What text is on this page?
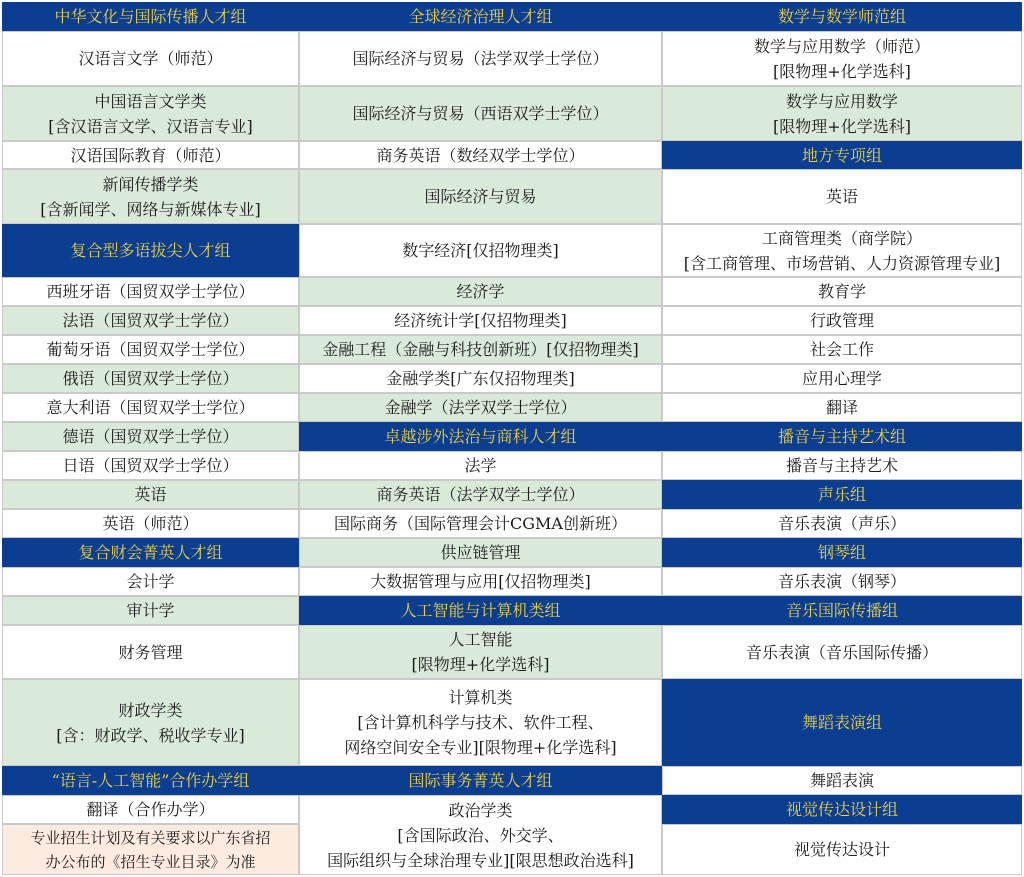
中华文化与国际传播人才组
汉语言文学（师范）
中国语言文学类
[含汉语言文学、汉语言专业]
汉语国际教育（师范）
新闻传播学类
[含新闻学、网络与新媒体专业]
复合型多语拔尖人才组
西班牙语（国贸双学士学位）
法语（国贸双学士学位）
葡萄牙语（国贸双学士学位）
俄语（国贸双学士学位）
意大利语（国贸双学士学位）
德语（国贸双学士学位）
日语（国贸双学士学位）
英语
英语（师范）
复合财会菁英人才组
会计学
审计学
财务管理
财政学类
[含：财政学、税收学专业]
“语言-人工智能”合作办学组
翻译（合作办学）
专业招生计划及有关要求以广东省招
办公布的《招生专业目录》为准
全球经济治理人才组
国际经济与贸易（法学双学士学位）
国际经济与贸易（西语双学士学位）
商务英语（数经双学士学位）
国际经济与贸易
数字经济[仅招物理类]
经济学
经济统计学[仅招物理类]
金融工程（金融与科技创新班）[仅招物理类]
金融学类[广东仅招物理类]
金融学（法学双学士学位）
卓越涉外法治与商科人才组
法学
商务英语（法学双学士学位）
国际商务（国际管理会计CGMA创新班）
供应链管理
大数据管理与应用[仅招物理类]
人工智能与计算机类组
人工智能
[限物理+化学选科]
计算机类
[含计算机科学与技术、软件工程、
网络空间安全专业][限物理+化学选科]
国际事务菁英人才组
政治学类
[含国际政治、外交学、
国际组织与全球治理专业][限思想政治选科]
数学与数学师范组
数学与应用数学（师范）
[限物理+化学选科]
数学与应用数学
[限物理+化学选科]
地方专项组
英语
工商管理类（商学院）
[含工商管理、市场营销、人力资源管理专业]
教育学
行政管理
社会工作
应用心理学
翻译
播音与主持艺术组
播音与主持艺术
声乐组
音乐表演（声乐）
钢琴组
音乐表演（钢琴）
音乐国际传播组
音乐表演（音乐国际传播）
舞蹈表演组
舞蹈表演
视觉传达设计组
视觉传达设计
